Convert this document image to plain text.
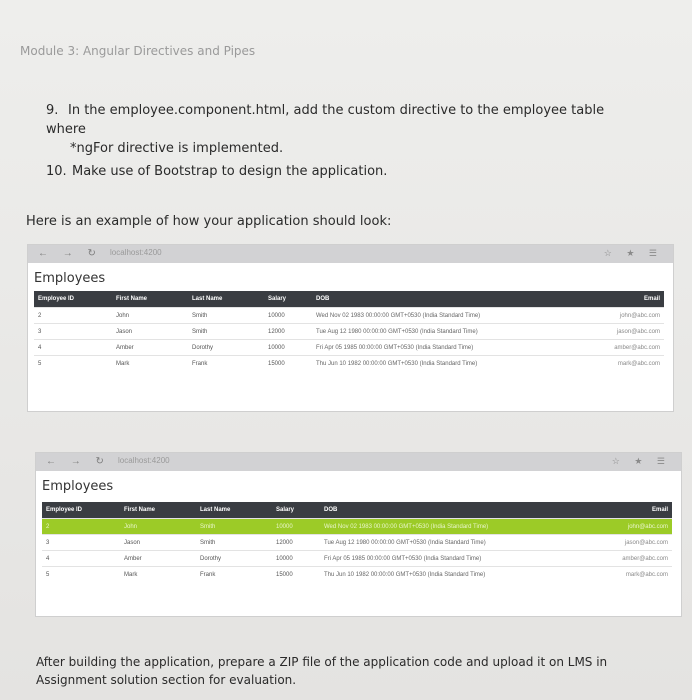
Module 3: Angular Directives and Pipes
9. In the employee.component.html, add the custom directive to the employee table where
*ngFor directive is implemented.
10. Make use of Bootstrap to design the application.
Here is an example of how your application should look:
← → ↻ localhost:4200	☆ ★ ☰
Employees
Employee ID	First Name	Last Name	Salary	DOB	Email
2	John	Smith	10000	Wed Nov 02 1983 00:00:00 GMT+0530 (India Standard Time)	john@abc.com
3	Jason	Smith	12000	Tue Aug 12 1980 00:00:00 GMT+0530 (India Standard Time)	jason@abc.com
4	Amber	Dorothy	10000	Fri Apr 05 1985 00:00:00 GMT+0530 (India Standard Time)	amber@abc.com
5	Mark	Frank	15000	Thu Jun 10 1982 00:00:00 GMT+0530 (India Standard Time)	mark@abc.com
← → ↻ localhost:4200	☆ ★ ☰
Employees
Employee ID	First Name	Last Name	Salary	DOB	Email
2	John	Smith	10000	Wed Nov 02 1983 00:00:00 GMT+0530 (India Standard Time)	john@abc.com
3	Jason	Smith	12000	Tue Aug 12 1980 00:00:00 GMT+0530 (India Standard Time)	jason@abc.com
4	Amber	Dorothy	10000	Fri Apr 05 1985 00:00:00 GMT+0530 (India Standard Time)	amber@abc.com
5	Mark	Frank	15000	Thu Jun 10 1982 00:00:00 GMT+0530 (India Standard Time)	mark@abc.com
After building the application, prepare a ZIP file of the application code and upload it on LMS in Assignment solution section for evaluation.
